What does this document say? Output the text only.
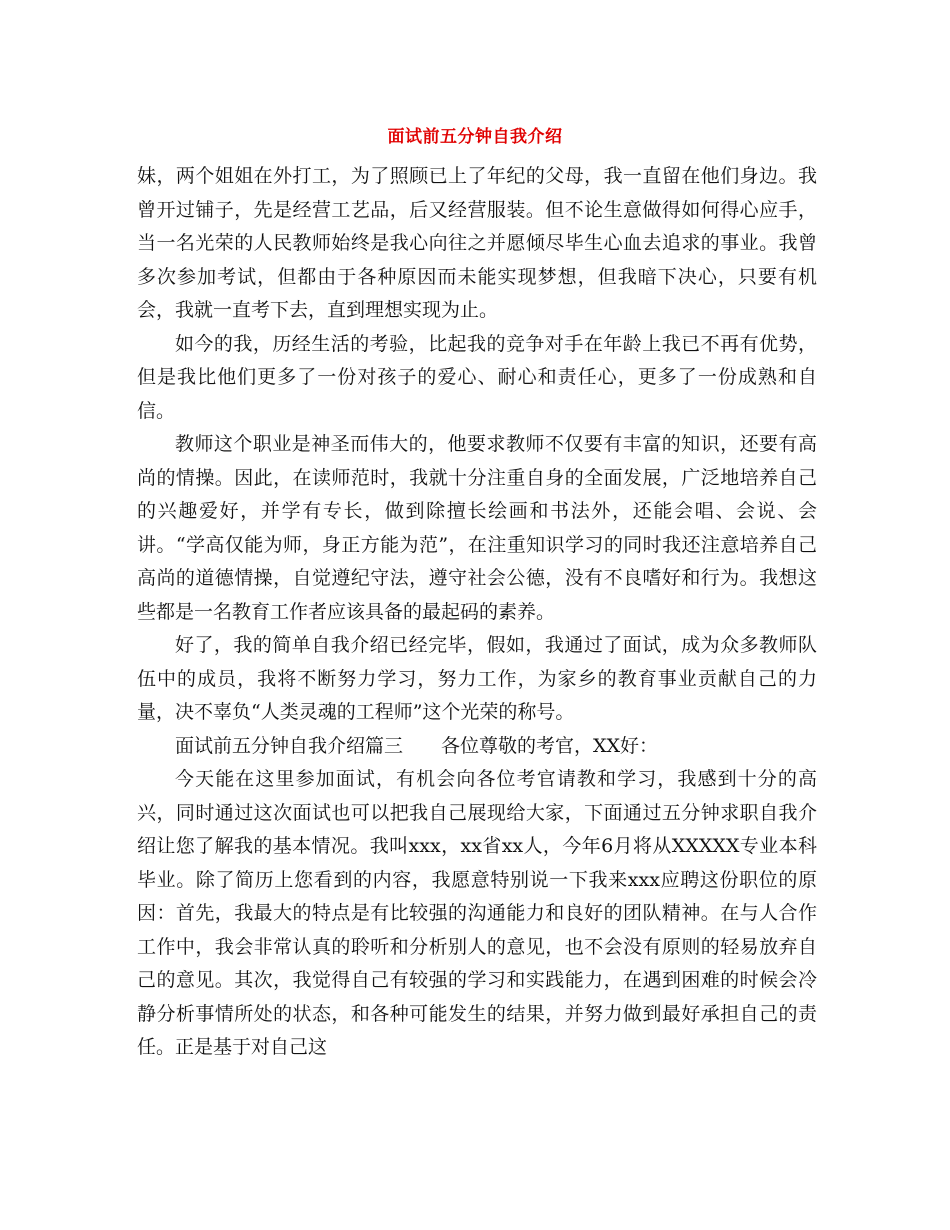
面试前五分钟自我介绍

妹，两个姐姐在外打工，为了照顾已上了年纪的父母，我一直留在他们身边。我曾开过铺子，先是经营工艺品，后又经营服装。但不论生意做得如何得心应手，当一名光荣的人民教师始终是我心向往之并愿倾尽毕生心血去追求的事业。我曾多次参加考试，但都由于各种原因而未能实现梦想，但我暗下决心，只要有机会，我就一直考下去，直到理想实现为止。

如今的我，历经生活的考验，比起我的竞争对手在年龄上我已不再有优势，但是我比他们更多了一份对孩子的爱心、耐心和责任心，更多了一份成熟和自信。

教师这个职业是神圣而伟大的，他要求教师不仅要有丰富的知识，还要有高尚的情操。因此，在读师范时，我就十分注重自身的全面发展，广泛地培养自己的兴趣爱好，并学有专长，做到除擅长绘画和书法外，还能会唱、会说、会讲。“学高仅能为师，身正方能为范”，在注重知识学习的同时我还注意培养自己高尚的道德情操，自觉遵纪守法，遵守社会公德，没有不良嗜好和行为。我想这些都是一名教育工作者应该具备的最起码的素养。

好了，我的简单自我介绍已经完毕，假如，我通过了面试，成为众多教师队伍中的成员，我将不断努力学习，努力工作，为家乡的教育事业贡献自己的力量，决不辜负“人类灵魂的工程师”这个光荣的称号。

面试前五分钟自我介绍篇三　　各位尊敬的考官，XX好：

今天能在这里参加面试，有机会向各位考官请教和学习，我感到十分的高兴，同时通过这次面试也可以把我自己展现给大家，下面通过五分钟求职自我介绍让您了解我的基本情况。我叫xxx，xx省xx人，今年6月将从XXXXX专业本科毕业。除了简历上您看到的内容，我愿意特别说一下我来xxx应聘这份职位的原因：首先，我最大的特点是有比较强的沟通能力和良好的团队精神。在与人合作工作中，我会非常认真的聆听和分析别人的意见，也不会没有原则的轻易放弃自己的意见。其次，我觉得自己有较强的学习和实践能力，在遇到困难的时候会冷静分析事情所处的状态，和各种可能发生的结果，并努力做到最好承担自己的责任。正是基于对自己这
